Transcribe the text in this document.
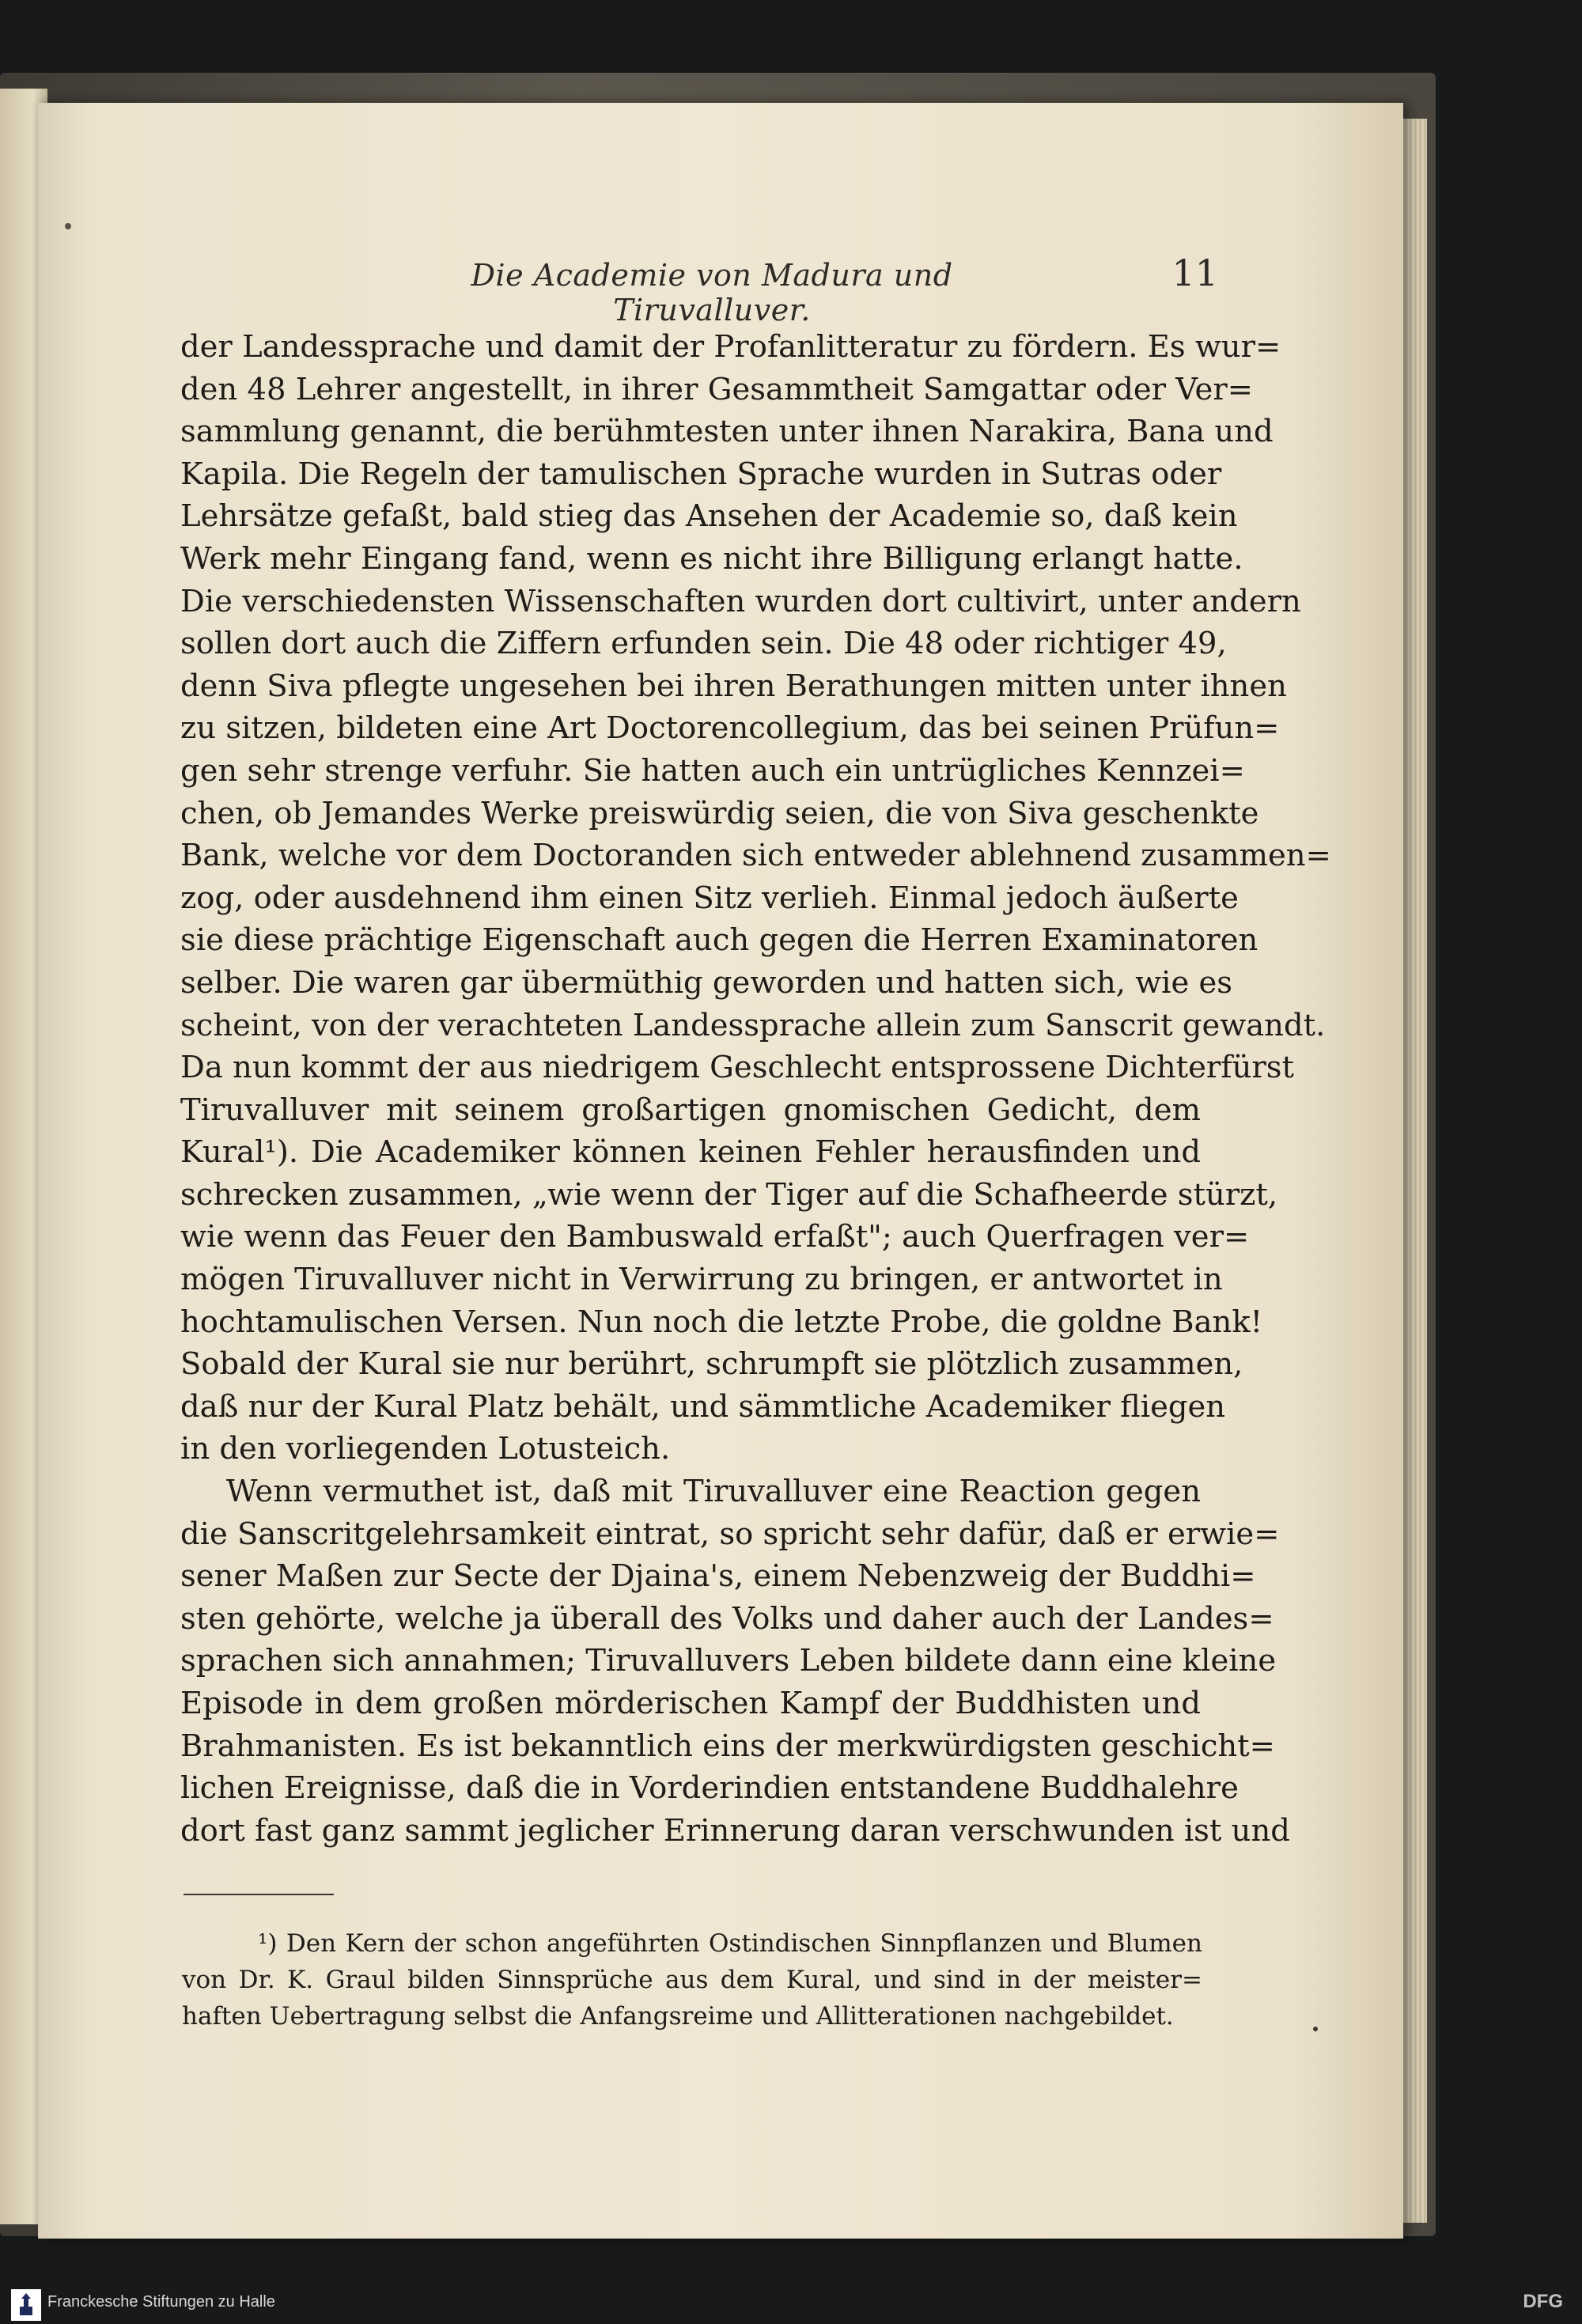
Die Academie von Madura und Tiruvalluver.
11
der Landessprache und damit der Profanlitteratur zu fördern. Es wur=
den 48 Lehrer angestellt, in ihrer Gesammtheit Samgattar oder Ver=
sammlung genannt, die berühmtesten unter ihnen Narakira, Bana und
Kapila. Die Regeln der tamulischen Sprache wurden in Sutras oder
Lehrsätze gefaßt, bald stieg das Ansehen der Academie so, daß kein
Werk mehr Eingang fand, wenn es nicht ihre Billigung erlangt hatte.
Die verschiedensten Wissenschaften wurden dort cultivirt, unter andern
sollen dort auch die Ziffern erfunden sein. Die 48 oder richtiger 49,
denn Siva pflegte ungesehen bei ihren Berathungen mitten unter ihnen
zu sitzen, bildeten eine Art Doctorencollegium, das bei seinen Prüfun=
gen sehr strenge verfuhr. Sie hatten auch ein untrügliches Kennzei=
chen, ob Jemandes Werke preiswürdig seien, die von Siva geschenkte
Bank, welche vor dem Doctoranden sich entweder ablehnend zusammen=
zog, oder ausdehnend ihm einen Sitz verlieh. Einmal jedoch äußerte
sie diese prächtige Eigenschaft auch gegen die Herren Examinatoren
selber. Die waren gar übermüthig geworden und hatten sich, wie es
scheint, von der verachteten Landessprache allein zum Sanscrit gewandt.
Da nun kommt der aus niedrigem Geschlecht entsprossene Dichterfürst
Tiruvalluver mit seinem großartigen gnomischen Gedicht, dem
Kural¹). Die Academiker können keinen Fehler herausfinden und
schrecken zusammen, „wie wenn der Tiger auf die Schafheerde stürzt,
wie wenn das Feuer den Bambuswald erfaßt"; auch Querfragen ver=
mögen Tiruvalluver nicht in Verwirrung zu bringen, er antwortet in
hochtamulischen Versen. Nun noch die letzte Probe, die goldne Bank!
Sobald der Kural sie nur berührt, schrumpft sie plötzlich zusammen,
daß nur der Kural Platz behält, und sämmtliche Academiker fliegen
in den vorliegenden Lotusteich.
Wenn vermuthet ist, daß mit Tiruvalluver eine Reaction gegen
die Sanscritgelehrsamkeit eintrat, so spricht sehr dafür, daß er erwie=
sener Maßen zur Secte der Djaina's, einem Nebenzweig der Buddhi=
sten gehörte, welche ja überall des Volks und daher auch der Landes=
sprachen sich annahmen; Tiruvalluvers Leben bildete dann eine kleine
Episode in dem großen mörderischen Kampf der Buddhisten und
Brahmanisten. Es ist bekanntlich eins der merkwürdigsten geschicht=
lichen Ereignisse, daß die in Vorderindien entstandene Buddhalehre
dort fast ganz sammt jeglicher Erinnerung daran verschwunden ist und
¹) Den Kern der schon angeführten Ostindischen Sinnpflanzen und Blumen
von Dr. K. Graul bilden Sinnsprüche aus dem Kural, und sind in der meister=
haften Uebertragung selbst die Anfangsreime und Allitterationen nachgebildet.
Franckesche Stiftungen zu Halle	DFG
